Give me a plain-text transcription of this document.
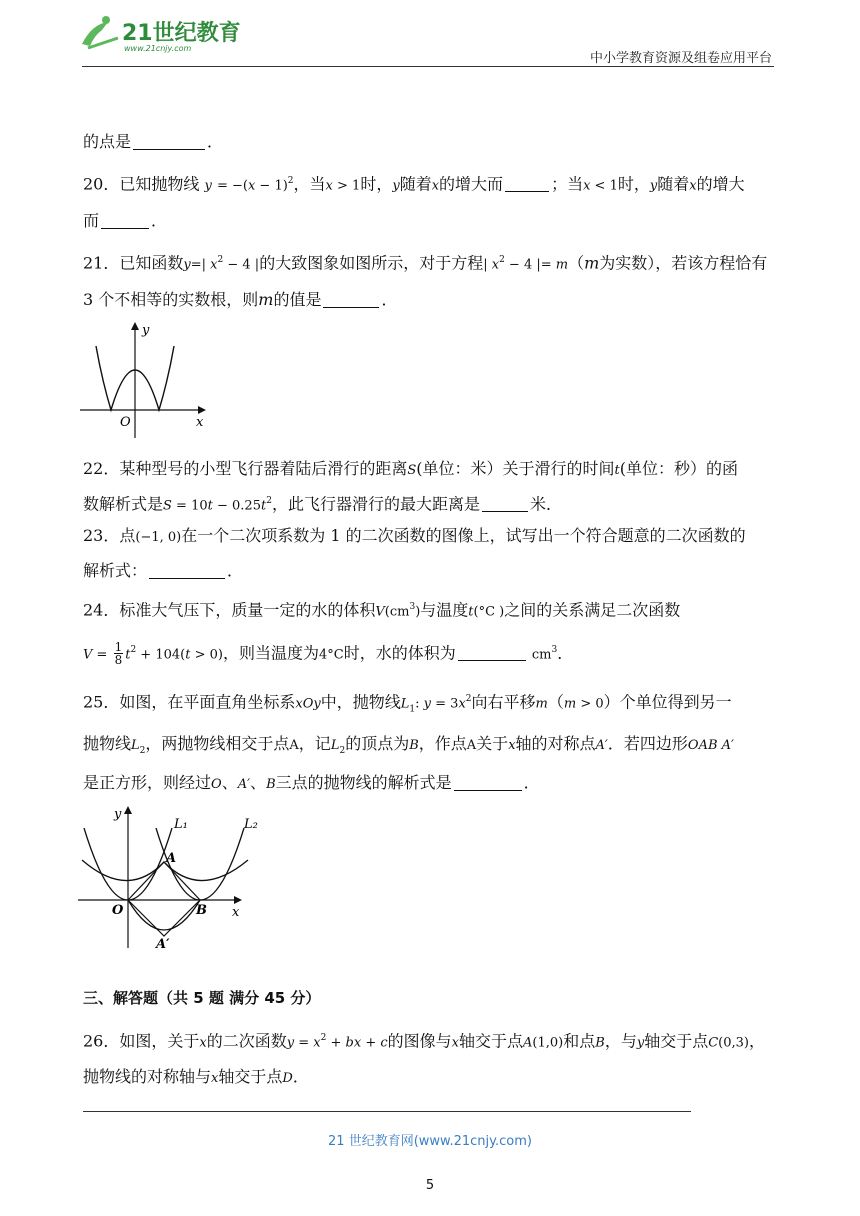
21世纪教育
www.21cnjy.com
中小学教育资源及组卷应用平台
的点是	．
20．已知抛物线 $y = -(x - 1)^2$，当x > 1时，y随着x的增大而	；当x < 1时，y随着x的增大
而	．
21．已知函数y=| $x^2 - 4$ |的大致图象如图所示，对于方程| $x^2 - 4$ |= m（m为实数），若该方程恰有
3 个不相等的实数根，则m的值是	．
y
x
O
22．某种型号的小型飞行器着陆后滑行的距离S(单位：米）关于滑行的时间t(单位：秒）的函
数解析式是$S = 10t - 0.25t^2$，此飞行器滑行的最大距离是	米．
23．点(−1, 0)在一个二次项系数为 1 的二次函数的图像上，试写出一个符合题意的二次函数的
解析式：	．
24．标准大气压下，质量一定的水的体积$V(cm^3)$与温度t(°C )之间的关系满足二次函数
$V = \frac{1}{8} t^2 + 104(t > 0)$，则当温度为4°C时，水的体积为	$cm^3$．
25．如图，在平面直角坐标系xOy中，抛物线$L_1$: $y = 3x^2$向右平移m（m > 0）个单位得到另一
抛物线$L_2$，两抛物线相交于点A，记$L_2$的顶点为B，作点A关于x轴的对称点A′．若四边形OAB A′
是正方形，则经过O、A′、B三点的抛物线的解析式是	．
y
x
O
A
A′
B
L₁	L₂
三、解答题（共 5 题 满分 45 分）
26．如图，关于x的二次函数$y = x^2$ + bx + c的图像与x轴交于点A(1,0)和点B，与y轴交于点C(0,3)，
抛物线的对称轴与x轴交于点D．
21 世纪教育网(www.21cnjy.com)
5
